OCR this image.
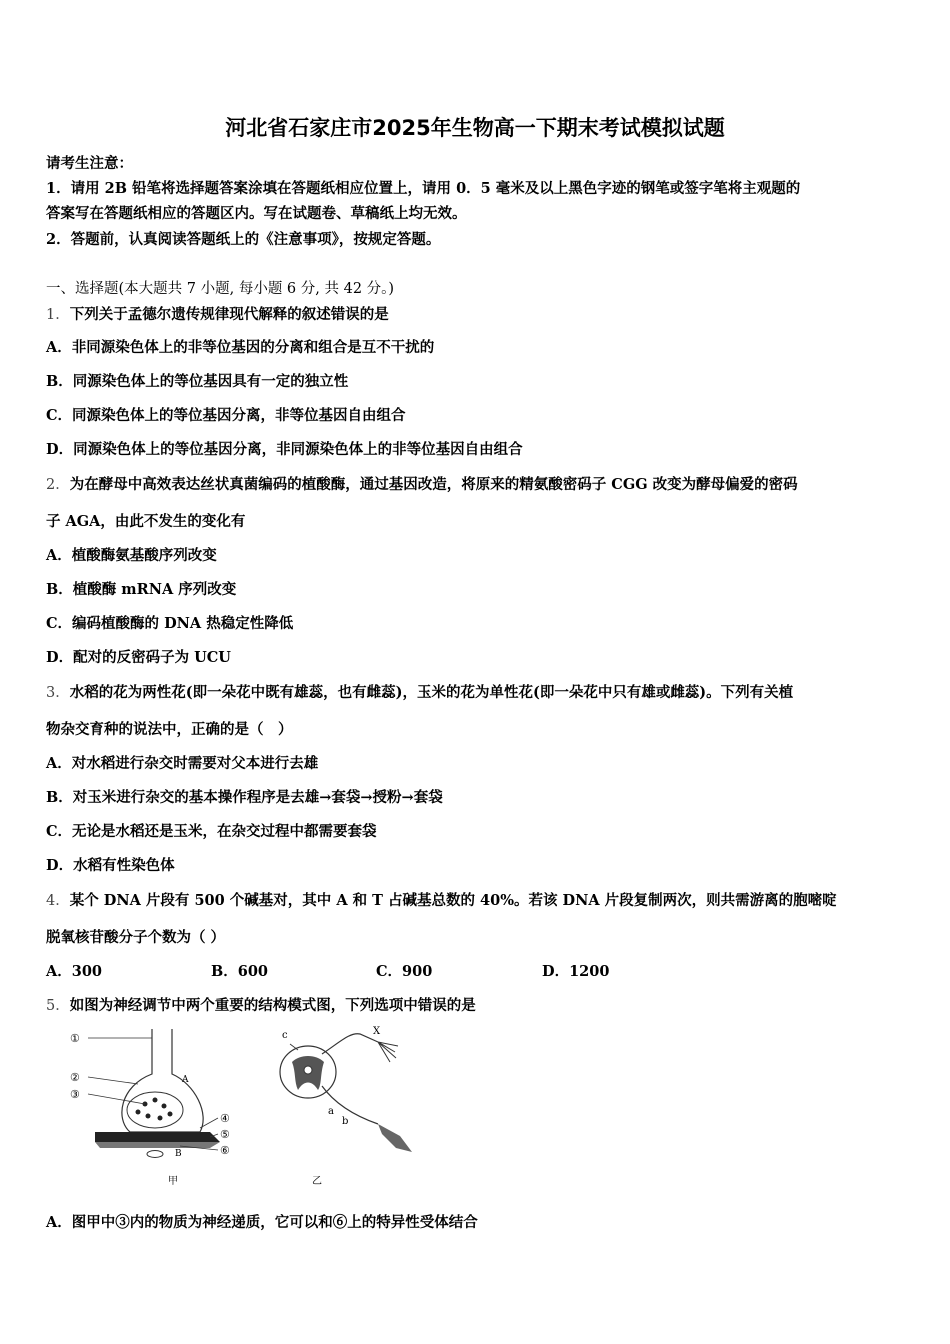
河北省石家庄市2025年生物高一下期末考试模拟试题
请考生注意：
1．请用 2B 铅笔将选择题答案涂填在答题纸相应位置上，请用 0．5 毫米及以上黑色字迹的钢笔或签字笔将主观题的
答案写在答题纸相应的答题区内。写在试题卷、草稿纸上均无效。
2．答题前，认真阅读答题纸上的《注意事项》，按规定答题。
一、选择题(本大题共 7 小题, 每小题 6 分, 共 42 分。)
1．下列关于孟德尔遗传规律现代解释的叙述错误的是
A．非同源染色体上的非等位基因的分离和组合是互不干扰的
B．同源染色体上的等位基因具有一定的独立性
C．同源染色体上的等位基因分离，非等位基因自由组合
D．同源染色体上的等位基因分离，非同源染色体上的非等位基因自由组合
2．为在酵母中高效表达丝状真菌编码的植酸酶，通过基因改造，将原来的精氨酸密码子 CGG 改变为酵母偏爱的密码
子 AGA，由此不发生的变化有
A．植酸酶氨基酸序列改变
B．植酸酶 mRNA 序列改变
C．编码植酸酶的 DNA 热稳定性降低
D．配对的反密码子为 UCU
3．水稻的花为两性花(即一朵花中既有雄蕊，也有雌蕊)，玉米的花为单性花(即一朵花中只有雄或雌蕊)。下列有关植
物杂交育种的说法中，正确的是（　）
A．对水稻进行杂交时需要对父本进行去雄
B．对玉米进行杂交的基本操作程序是去雄→套袋→授粉→套袋
C．无论是水稻还是玉米，在杂交过程中都需要套袋
D．水稻有性染色体
4．某个 DNA 片段有 500 个碱基对，其中 A 和 T 占碱基总数的 40%。若该 DNA 片段复制两次，则共需游离的胞嘧啶
脱氧核苷酸分子个数为（ ）
A．300	B．600	C．900	D．1200
5．如图为神经调节中两个重要的结构模式图，下列选项中错误的是
①
②
③
④
⑤
⑥
A
B
甲
c	X
a
b
乙
A．图甲中③内的物质为神经递质，它可以和⑥上的特异性受体结合
